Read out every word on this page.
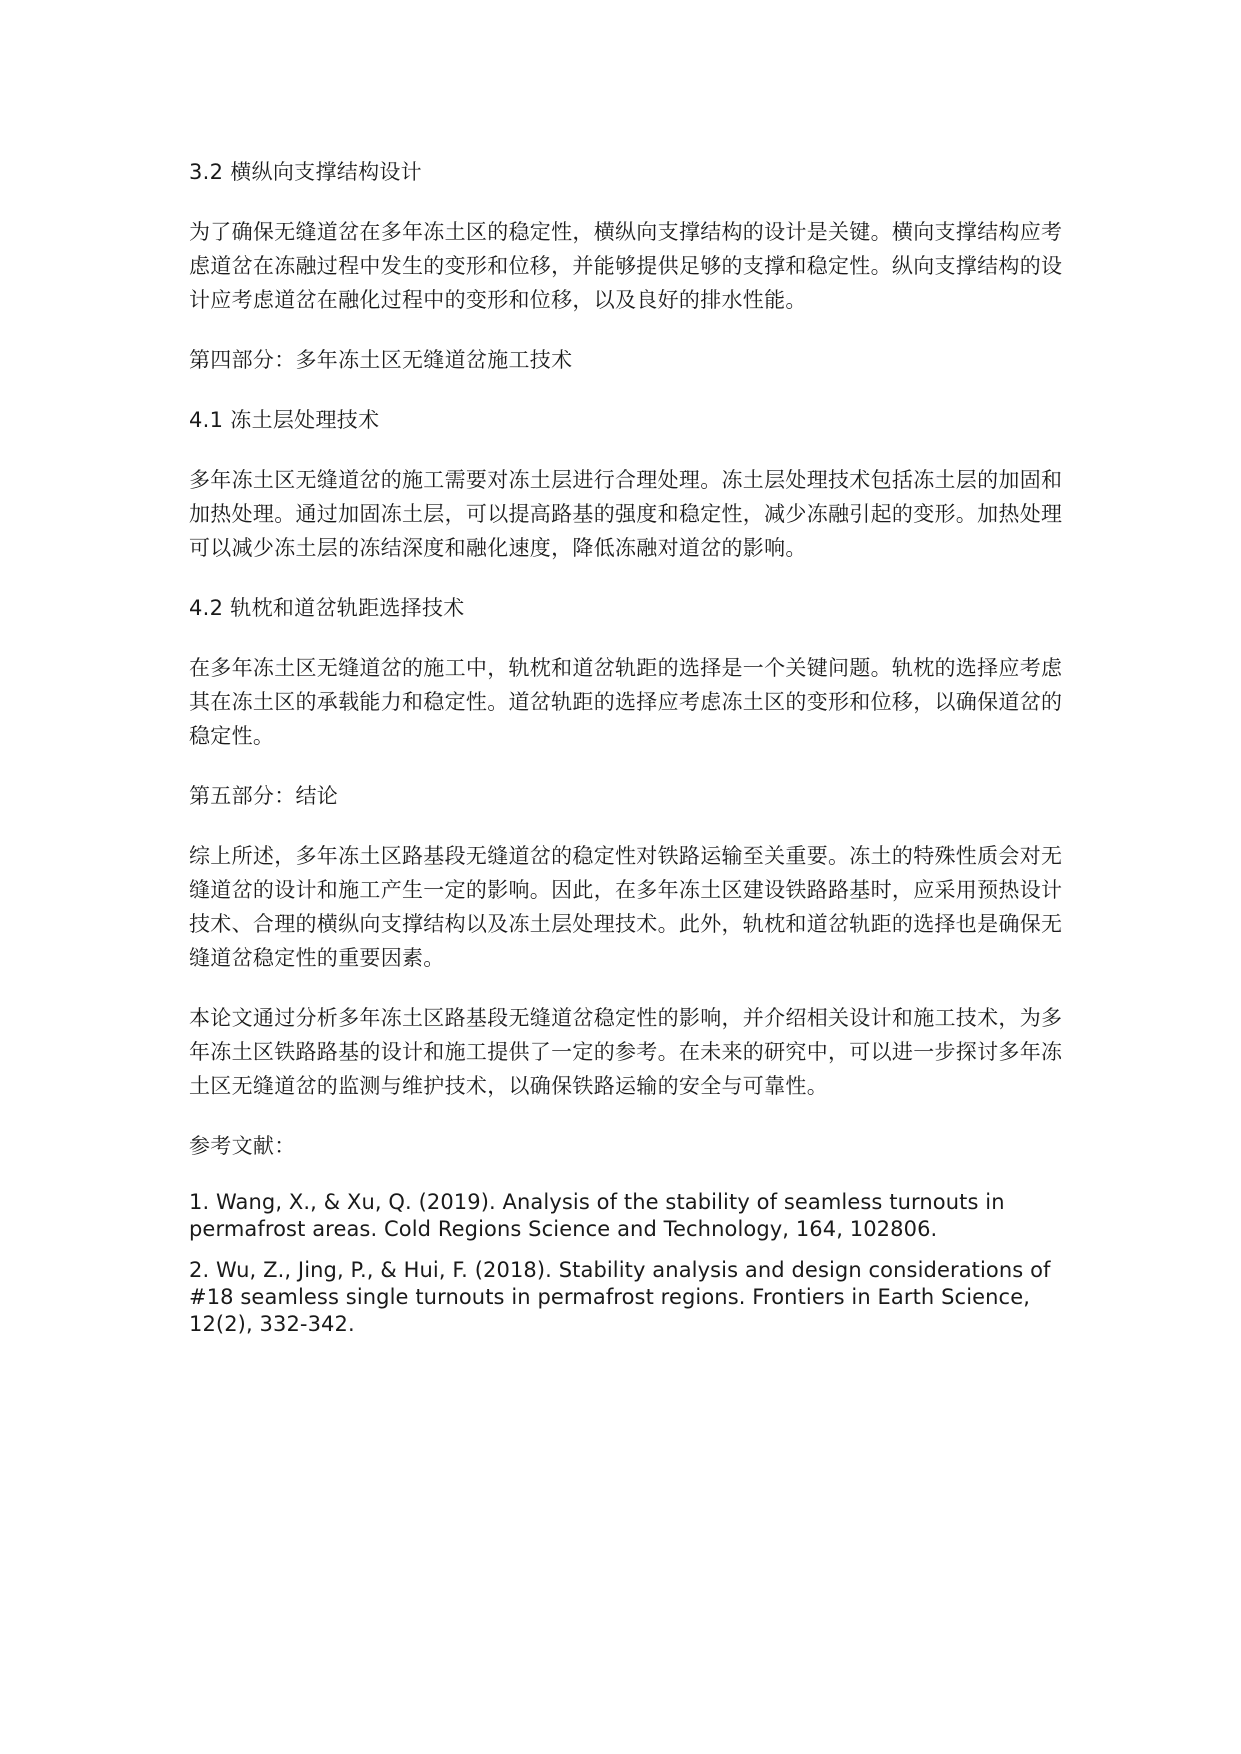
3.2 横纵向支撑结构设计

为了确保无缝道岔在多年冻土区的稳定性，横纵向支撑结构的设计是关键。横向支撑结构应考虑道岔在冻融过程中发生的变形和位移，并能够提供足够的支撑和稳定性。纵向支撑结构的设计应考虑道岔在融化过程中的变形和位移，以及良好的排水性能。

第四部分：多年冻土区无缝道岔施工技术

4.1 冻土层处理技术

多年冻土区无缝道岔的施工需要对冻土层进行合理处理。冻土层处理技术包括冻土层的加固和加热处理。通过加固冻土层，可以提高路基的强度和稳定性，减少冻融引起的变形。加热处理可以减少冻土层的冻结深度和融化速度，降低冻融对道岔的影响。

4.2 轨枕和道岔轨距选择技术

在多年冻土区无缝道岔的施工中，轨枕和道岔轨距的选择是一个关键问题。轨枕的选择应考虑其在冻土区的承载能力和稳定性。道岔轨距的选择应考虑冻土区的变形和位移，以确保道岔的稳定性。

第五部分：结论

综上所述，多年冻土区路基段无缝道岔的稳定性对铁路运输至关重要。冻土的特殊性质会对无缝道岔的设计和施工产生一定的影响。因此，在多年冻土区建设铁路路基时，应采用预热设计技术、合理的横纵向支撑结构以及冻土层处理技术。此外，轨枕和道岔轨距的选择也是确保无缝道岔稳定性的重要因素。

本论文通过分析多年冻土区路基段无缝道岔稳定性的影响，并介绍相关设计和施工技术，为多年冻土区铁路路基的设计和施工提供了一定的参考。在未来的研究中，可以进一步探讨多年冻土区无缝道岔的监测与维护技术，以确保铁路运输的安全与可靠性。

参考文献：

1. Wang, X., & Xu, Q. (2019). Analysis of the stability of seamless turnouts in permafrost areas. Cold Regions Science and Technology, 164, 102806.

2. Wu, Z., Jing, P., & Hui, F. (2018). Stability analysis and design considerations of #18 seamless single turnouts in permafrost regions. Frontiers in Earth Science, 12(2), 332-342.
